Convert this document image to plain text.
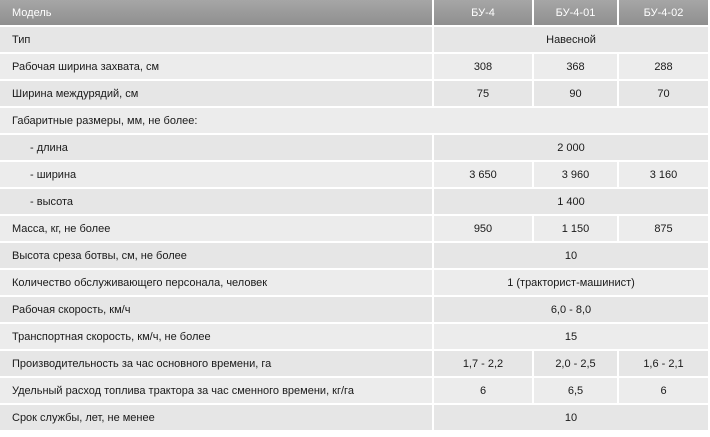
Модель	БУ-4	БУ-4-01	БУ-4-02
Тип	Навесной		
Рабочая ширина захвата, см	308	368	288
Ширина междурядий, см	75	90	70
Габаритные размеры, мм, не более:			
- длина	2 000		
- ширина	3 650	3 960	3 160
- высота	1 400		
Масса, кг, не более	950	1 150	875
Высота среза ботвы, см, не более	10		
Количество обслуживающего персонала, человек	1 (тракторист-машинист)		
Рабочая скорость, км/ч	6,0 - 8,0		
Транспортная скорость, км/ч, не более	15		
Производительность за час основного времени, га	1,7 - 2,2	2,0 - 2,5	1,6 - 2,1
Удельный расход топлива трактора за час сменного времени, кг/га	6	6,5	6
Срок службы, лет, не менее	10		
